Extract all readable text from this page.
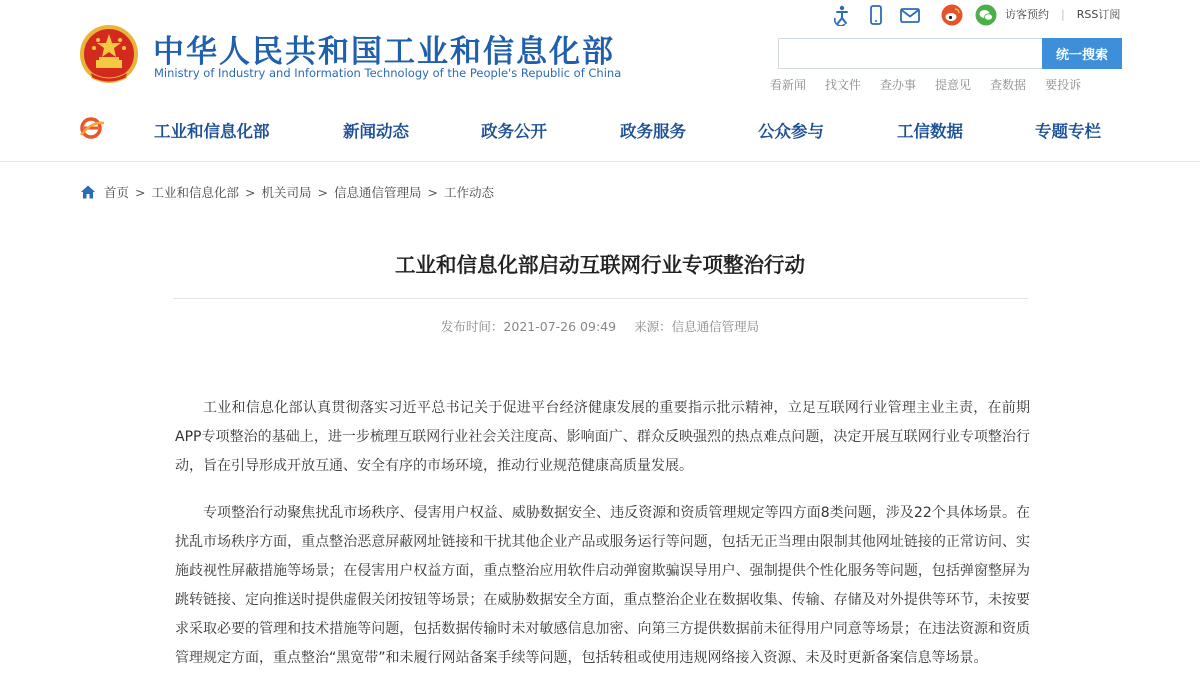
中华人民共和国工业和信息化部
Ministry of Industry and Information Technology of the People's Republic of China
访客预约 | RSS订阅
统一搜索
看新闻 找文件 查办事 提意见 查数据 要投诉
工业和信息化部	新闻动态	政务公开	政务服务	公众参与	工信数据	专题专栏
首页 > 工业和信息化部 > 机关司局 > 信息通信管理局 > 工作动态
工业和信息化部启动互联网行业专项整治行动
发布时间：2021-07-26 09:49 来源：信息通信管理局

工业和信息化部认真贯彻落实习近平总书记关于促进平台经济健康发展的重要指示批示精神，立足互联网行业管理主业主责，在前期APP专项整治的基础上，进一步梳理互联网行业社会关注度高、影响面广、群众反映强烈的热点难点问题，决定开展互联网行业专项整治行动，旨在引导形成开放互通、安全有序的市场环境，推动行业规范健康高质量发展。

专项整治行动聚焦扰乱市场秩序、侵害用户权益、威胁数据安全、违反资源和资质管理规定等四方面8类问题，涉及22个具体场景。在扰乱市场秩序方面，重点整治恶意屏蔽网址链接和干扰其他企业产品或服务运行等问题，包括无正当理由限制其他网址链接的正常访问、实施歧视性屏蔽措施等场景；在侵害用户权益方面，重点整治应用软件启动弹窗欺骗误导用户、强制提供个性化服务等问题，包括弹窗整屏为跳转链接、定向推送时提供虚假关闭按钮等场景；在威胁数据安全方面，重点整治企业在数据收集、传输、存储及对外提供等环节，未按要求采取必要的管理和技术措施等问题，包括数据传输时未对敏感信息加密、向第三方提供数据前未征得用户同意等场景；在违法资源和资质管理规定方面，重点整治“黑宽带”和未履行网站备案手续等问题，包括转租或使用违规网络接入资源、未及时更新备案信息等场景。
